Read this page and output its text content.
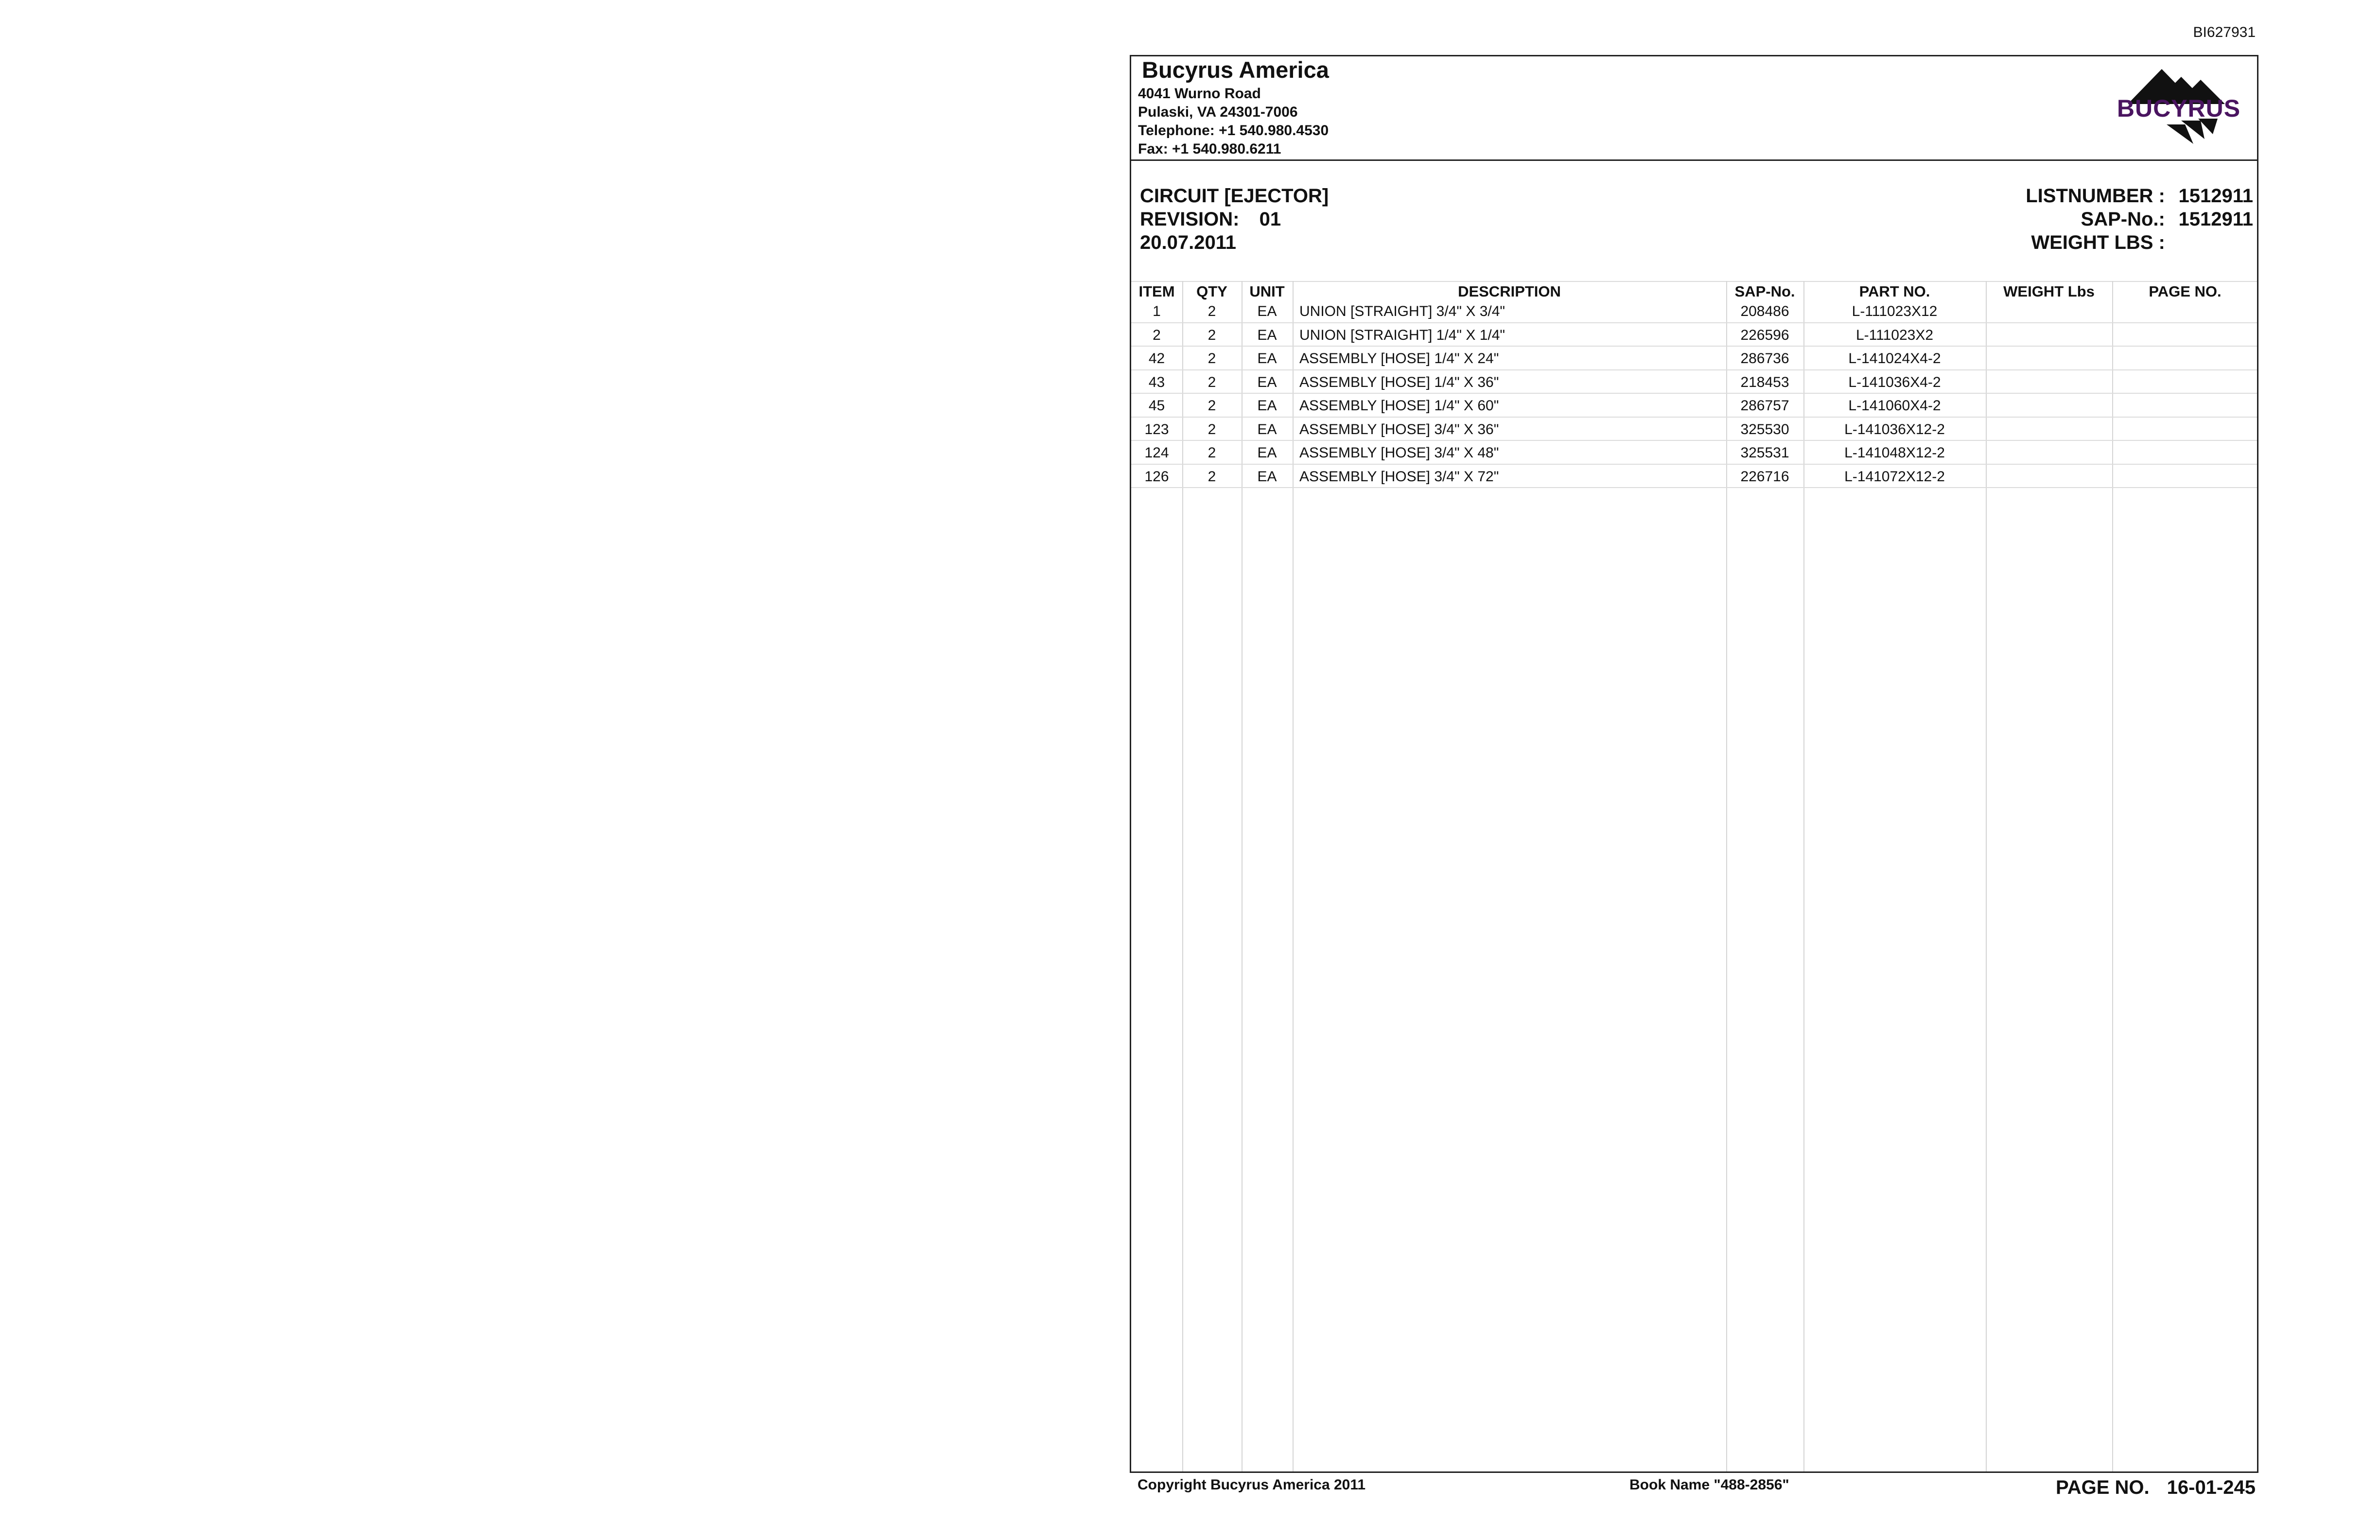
BI627931
Bucyrus America
4041 Wurno Road
Pulaski, VA 24301-7006
Telephone: +1 540.980.4530
Fax: +1 540.980.6211
BUCYRUS
CIRCUIT [EJECTOR]
REVISION: 01
20.07.2011
LISTNUMBER : 1512911
SAP-No.: 1512911
WEIGHT LBS :
ITEM	QTY	UNIT	DESCRIPTION	SAP-No.	PART NO.	WEIGHT Lbs	PAGE NO.
1	2	EA	UNION [STRAIGHT] 3/4" X 3/4"	208486	L-111023X12
2	2	EA	UNION [STRAIGHT] 1/4" X 1/4"	226596	L-111023X2
42	2	EA	ASSEMBLY [HOSE] 1/4" X 24"	286736	L-141024X4-2
43	2	EA	ASSEMBLY [HOSE] 1/4" X 36"	218453	L-141036X4-2
45	2	EA	ASSEMBLY [HOSE] 1/4" X 60"	286757	L-141060X4-2
123	2	EA	ASSEMBLY [HOSE] 3/4" X 36"	325530	L-141036X12-2
124	2	EA	ASSEMBLY [HOSE] 3/4" X 48"	325531	L-141048X12-2
126	2	EA	ASSEMBLY [HOSE] 3/4" X 72"	226716	L-141072X12-2
Copyright Bucyrus America 2011	Book Name "488-2856"	PAGE NO. 16-01-245
